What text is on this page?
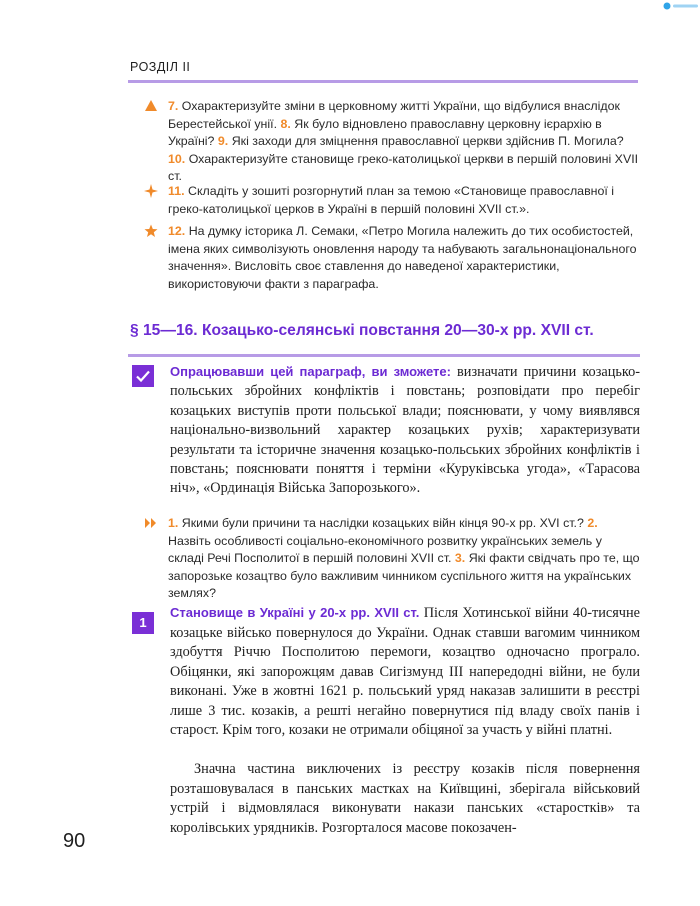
РОЗДІЛ ІІ
7. Охарактеризуйте зміни в церковному житті України, що відбулися внаслідок Берестейської унії. 8. Як було відновлено православну церковну ієрархію в Україні? 9. Які заходи для зміцнення православної церкви здійснив П. Могила? 10. Охарактеризуйте становище греко-католицької церкви в першій половині XVII ст.
11. Складіть у зошиті розгорнутий план за темою «Становище православної і греко-католицької церков в Україні в першій половині XVII ст.».
12. На думку історика Л. Семаки, «Петро Могила належить до тих особистостей, імена яких символізують оновлення народу та набувають загальнонаціонального значення». Висловіть своє ставлення до наведеної характеристики, використовуючи факти з параграфа.
§ 15—16. Козацько-селянські повстання 20—30-х рр. XVII ст.
Опрацювавши цей параграф, ви зможете: визначати причини козацько-польських збройних конфліктів і повстань; розповідати про перебіг козацьких виступів проти польської влади; пояснювати, у чому виявлявся національно-визвольний характер козацьких рухів; характеризувати результати та історичне значення козацько-польських збройних конфліктів і повстань; пояснювати поняття і терміни «Куруківська угода», «Тарасова ніч», «Ординація Війська Запорозького».
1. Якими були причини та наслідки козацьких війн кінця 90-х рр. XVI ст.? 2. Назвіть особливості соціально-економічного розвитку українських земель у складі Речі Посполитої в першій половині XVII ст. 3. Які факти свідчать про те, що запорозьке козацтво було важливим чинником суспільного життя на українських землях?
1
Становище в Україні у 20-х рр. XVII ст. Після Хотинської війни 40-тисячне козацьке військо повернулося до України. Однак ставши вагомим чинником здобуття Річчю Посполитою перемоги, козацтво одночасно програло. Обіцянки, які запорожцям давав Сигізмунд ІІІ напередодні війни, не були виконані. Уже в жовтні 1621 р. польський уряд наказав залишити в реєстрі лише 3 тис. козаків, а решті негайно повернутися під владу своїх панів і старост. Крім того, козаки не отримали обіцяної за участь у війні платні.
Значна частина виключених із реєстру козаків після повернення розташовувалася в панських мастках на Київщині, зберігала військовий устрій і відмовлялася виконувати накази панських «старостків» та королівських урядників. Розгорталося масове покозачен-
90
